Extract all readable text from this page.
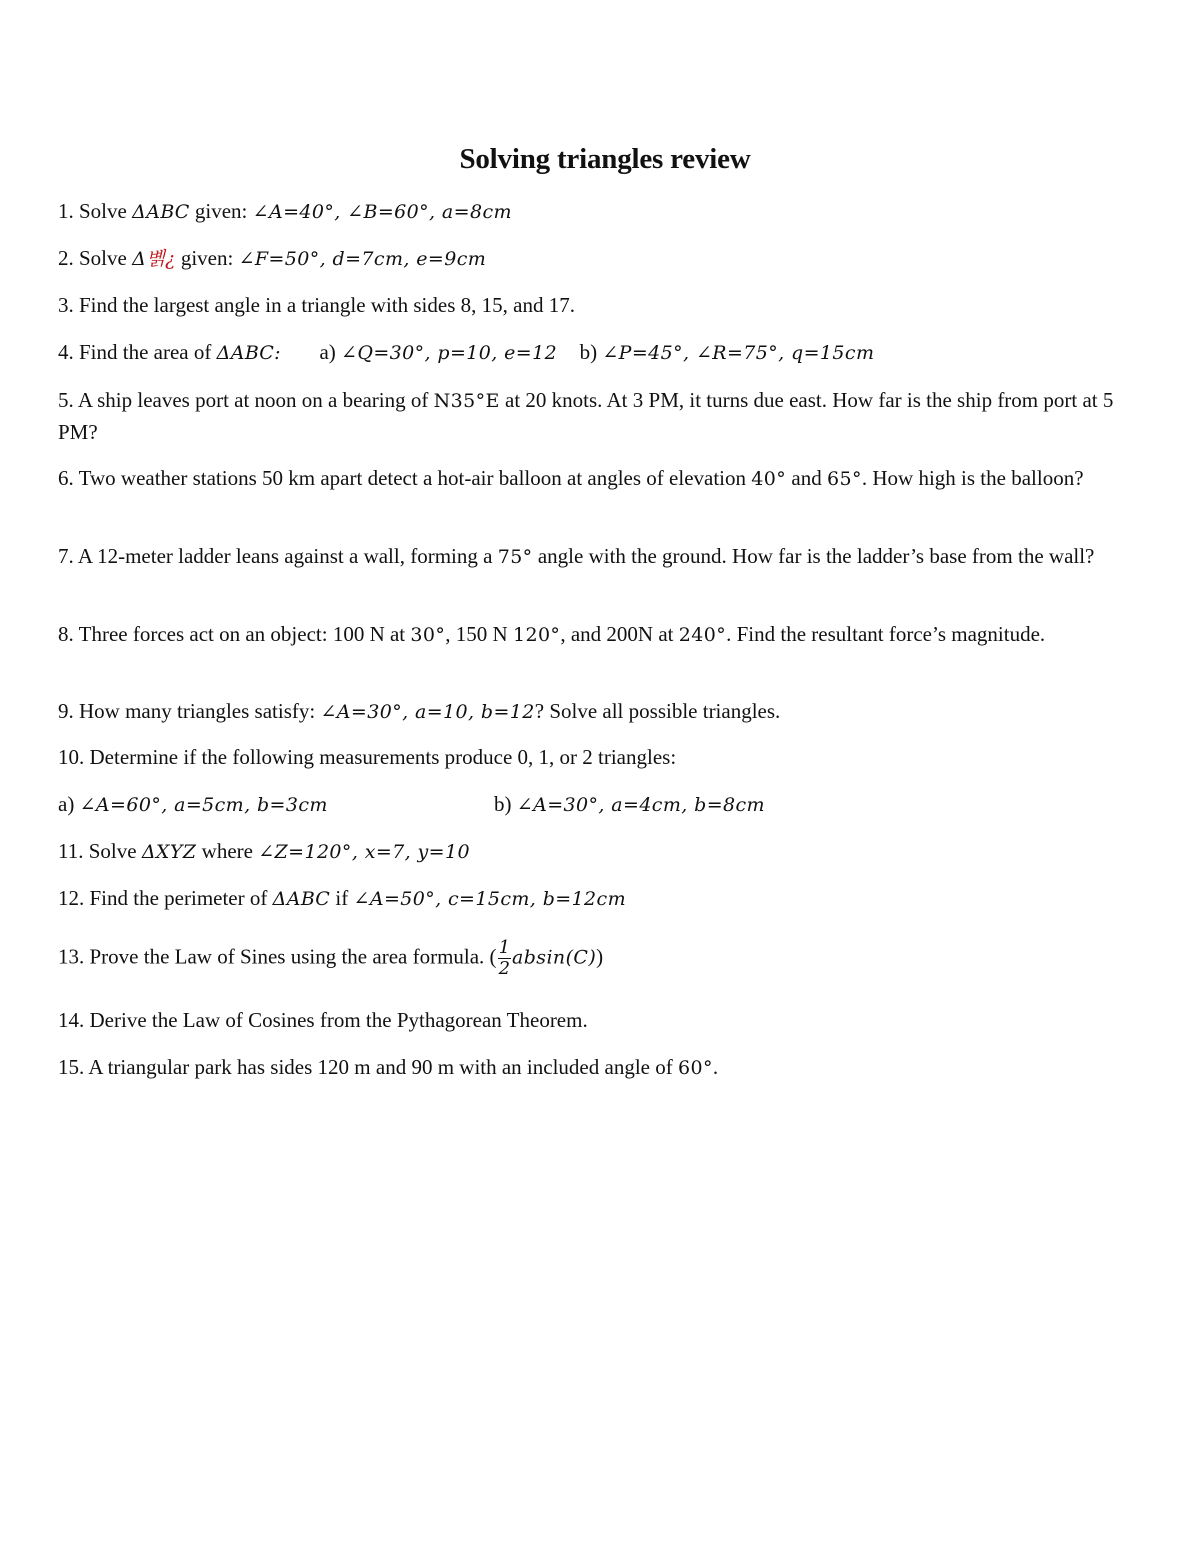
Solving triangles review
1. Solve Δ𝐴𝐵𝐶 given: ∠𝐴=40°, ∠𝐵=60°, 𝑎=8𝑐𝑚
2. Solve Δ볡¿ given: ∠𝐹=50°, 𝑑=7𝑐𝑚, 𝑒=9𝑐𝑚
3. Find the largest angle in a triangle with sides 8, 15, and 17.
4. Find the area of Δ𝐴𝐵𝐶: a) ∠𝑄=30°, 𝑝=10, 𝑒=12 b) ∠𝑃=45°, ∠𝑅=75°, 𝑞=15𝑐𝑚
5. A ship leaves port at noon on a bearing of N35°E at 20 knots. At 3 PM, it turns due east. How far is the ship from port at 5 PM?
6. Two weather stations 50 km apart detect a hot-air balloon at angles of elevation 40° and 65°. How high is the balloon?
7. A 12-meter ladder leans against a wall, forming a 75° angle with the ground. How far is the ladder’s base from the wall?
8. Three forces act on an object: 100 N at 30°, 150 N 120°, and 200N at 240°. Find the resultant force’s magnitude.
9. How many triangles satisfy: ∠𝐴=30°, 𝑎=10, 𝑏=12? Solve all possible triangles.
10. Determine if the following measurements produce 0, 1, or 2 triangles:
a) ∠𝐴=60°, 𝑎=5𝑐𝑚, 𝑏=3𝑐𝑚	b) ∠𝐴=30°, 𝑎=4𝑐𝑚, 𝑏=8𝑐𝑚
11. Solve Δ𝑋𝑌𝑍 where ∠𝑍=120°, 𝑥=7, 𝑦=10
12. Find the perimeter of Δ𝐴𝐵𝐶 if ∠𝐴=50°, 𝑐=15𝑐𝑚, 𝑏=12𝑐𝑚
13. Prove the Law of Sines using the area formula. ( $\frac{1}{2}$ 𝑎𝑏𝑠𝑖𝑛(𝐶))
14. Derive the Law of Cosines from the Pythagorean Theorem.
15. A triangular park has sides 120 m and 90 m with an included angle of 60°.
